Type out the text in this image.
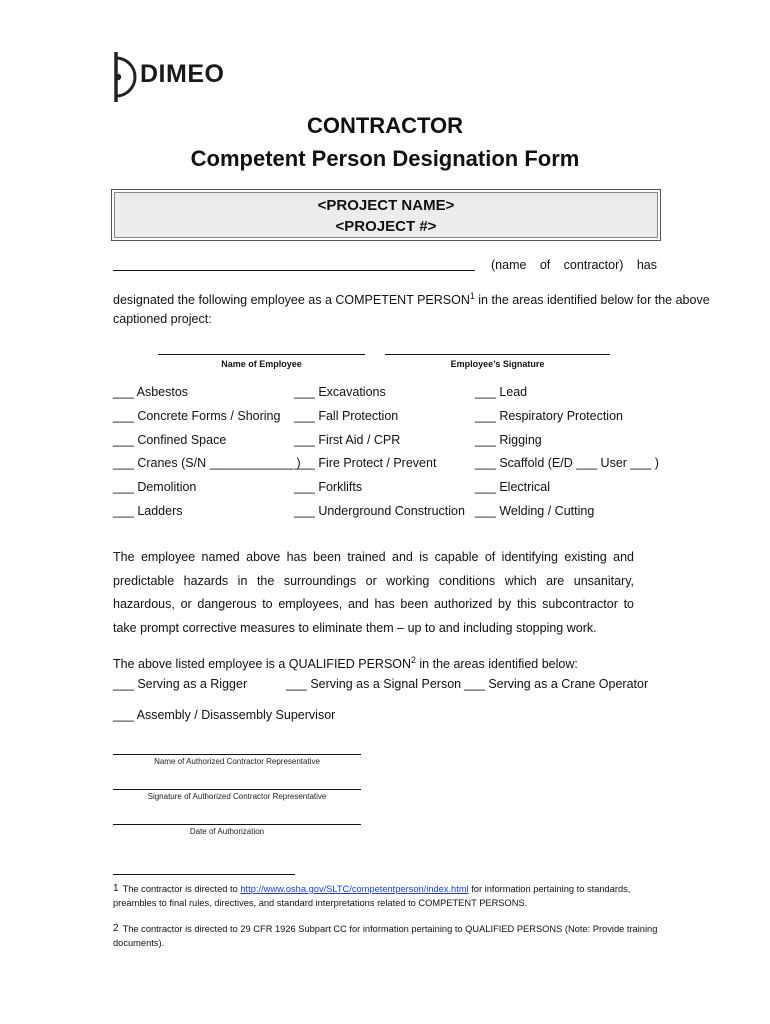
DIMEO
CONTRACTOR
Competent Person Designation Form
<PROJECT NAME>
<PROJECT #>
(name of contractor) has
designated the following employee as a COMPETENT PERSON$^1$ in the areas identified below for the above
captioned project:
Name of Employee	Employee’s Signature
___ Asbestos
___ Concrete Forms / Shoring
___ Confined Space
___ Cranes (S/N ____________ )
___ Demolition
___ Ladders
___ Excavations
___ Fall Protection
___ First Aid / CPR
___ Fire Protect / Prevent
___ Forklifts
___ Underground Construction
___ Lead
___ Respiratory Protection
___ Rigging
___ Scaffold (E/D ___ User ___ )
___ Electrical
___ Welding / Cutting
The employee named above has been trained and is capable of identifying existing and predictable hazards in the surroundings or working conditions which are unsanitary, hazardous, or dangerous to employees, and has been authorized by this subcontractor to take prompt corrective measures to eliminate them – up to and including stopping work.
The above listed employee is a QUALIFIED PERSON$^2$ in the areas identified below:
___ Serving as a Rigger	___ Serving as a Signal Person ___ Serving as a Crane Operator
___ Assembly / Disassembly Supervisor
Name of Authorized Contractor Representative
Signature of Authorized Contractor Representative
Date of Authorization
1 The contractor is directed to http://www.osha.gov/SLTC/competentperson/index.html for information pertaining to standards, preambles to final rules, directives, and standard interpretations related to COMPETENT PERSONS.
2 The contractor is directed to 29 CFR 1926 Subpart CC for information pertaining to QUALIFIED PERSONS (Note: Provide training documents).
